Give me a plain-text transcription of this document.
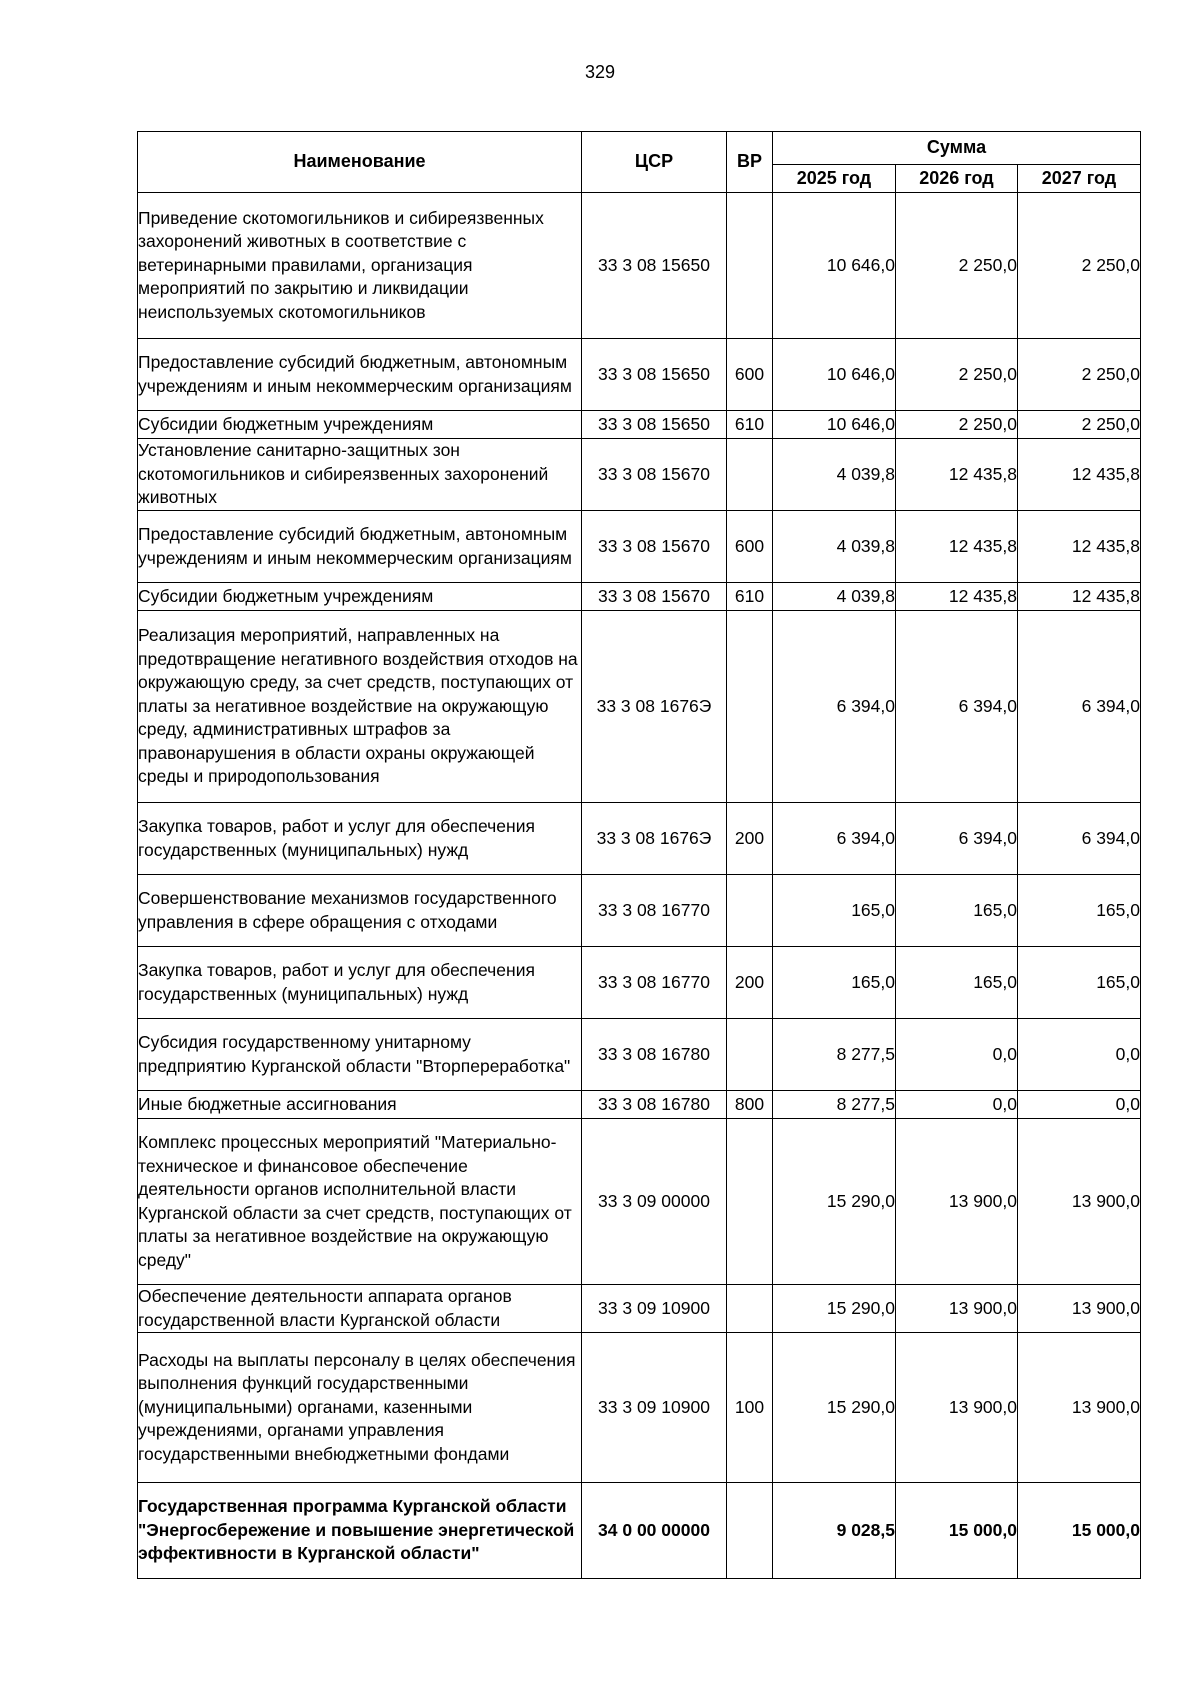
329
Наименование	ЦСР	ВР	Сумма		
			2025 год	2026 год	2027 год
Приведение скотомогильников и сибиреязвенных захоронений животных в соответствие с ветеринарными правилами, организация мероприятий по закрытию и ликвидации неиспользуемых скотомогильников	33 3 08 15650		10 646,0	2 250,0	2 250,0
Предоставление субсидий бюджетным, автономным учреждениям и иным некоммерческим организациям	33 3 08 15650	600	10 646,0	2 250,0	2 250,0
Субсидии бюджетным учреждениям	33 3 08 15650	610	10 646,0	2 250,0	2 250,0
Установление санитарно-защитных зон скотомогильников и сибиреязвенных захоронений животных	33 3 08 15670		4 039,8	12 435,8	12 435,8
Предоставление субсидий бюджетным, автономным учреждениям и иным некоммерческим организациям	33 3 08 15670	600	4 039,8	12 435,8	12 435,8
Субсидии бюджетным учреждениям	33 3 08 15670	610	4 039,8	12 435,8	12 435,8
Реализация мероприятий, направленных на предотвращение негативного воздействия отходов на окружающую среду, за счет средств, поступающих от платы за негативное воздействие на окружающую среду, административных штрафов за правонарушения в области охраны окружающей среды и природопользования	33 3 08 1676Э		6 394,0	6 394,0	6 394,0
Закупка товаров, работ и услуг для обеспечения государственных (муниципальных) нужд	33 3 08 1676Э	200	6 394,0	6 394,0	6 394,0
Совершенствование механизмов государственного управления в сфере обращения с отходами	33 3 08 16770		165,0	165,0	165,0
Закупка товаров, работ и услуг для обеспечения государственных (муниципальных) нужд	33 3 08 16770	200	165,0	165,0	165,0
Субсидия государственному унитарному предприятию Курганской области "Вторпереработка"	33 3 08 16780		8 277,5	0,0	0,0
Иные бюджетные ассигнования	33 3 08 16780	800	8 277,5	0,0	0,0
Комплекс процессных мероприятий "Материально-техническое и финансовое обеспечение деятельности органов исполнительной власти Курганской области за счет средств, поступающих от платы за негативное воздействие на окружающую среду"	33 3 09 00000		15 290,0	13 900,0	13 900,0
Обеспечение деятельности аппарата органов государственной власти Курганской области	33 3 09 10900		15 290,0	13 900,0	13 900,0
Расходы на выплаты персоналу в целях обеспечения выполнения функций государственными (муниципальными) органами, казенными учреждениями, органами управления государственными внебюджетными фондами	33 3 09 10900	100	15 290,0	13 900,0	13 900,0
Государственная программа Курганской области "Энергосбережение и повышение энергетической эффективности в Курганской области"	34 0 00 00000		9 028,5	15 000,0	15 000,0
